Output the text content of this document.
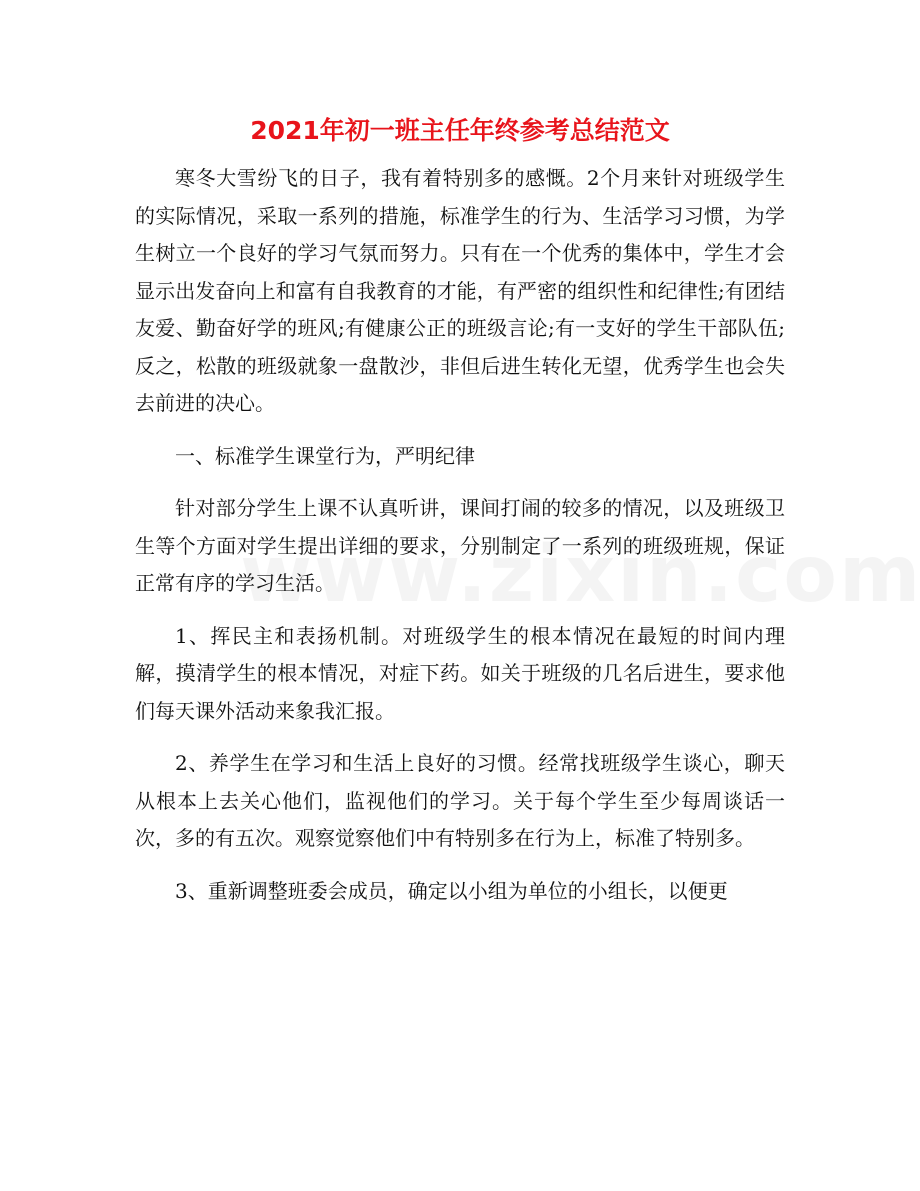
2021年初一班主任年终参考总结范文

寒冬大雪纷飞的日子，我有着特别多的感慨。2个月来针对班级学生的实际情况，采取一系列的措施，标准学生的行为、生活学习习惯，为学生树立一个良好的学习气氛而努力。只有在一个优秀的集体中，学生才会显示出发奋向上和富有自我教育的才能，有严密的组织性和纪律性;有团结友爱、勤奋好学的班风;有健康公正的班级言论;有一支好的学生干部队伍;反之，松散的班级就象一盘散沙，非但后进生转化无望，优秀学生也会失去前进的决心。

一、标准学生课堂行为，严明纪律

针对部分学生上课不认真听讲，课间打闹的较多的情况，以及班级卫生等个方面对学生提出详细的要求，分别制定了一系列的班级班规，保证正常有序的学习生活。

1、挥民主和表扬机制。对班级学生的根本情况在最短的时间内理解，摸清学生的根本情况，对症下药。如关于班级的几名后进生，要求他们每天课外活动来象我汇报。

2、养学生在学习和生活上良好的习惯。经常找班级学生谈心，聊天从根本上去关心他们，监视他们的学习。关于每个学生至少每周谈话一次，多的有五次。观察觉察他们中有特别多在行为上，标准了特别多。

3、重新调整班委会成员，确定以小组为单位的小组长，以便更
